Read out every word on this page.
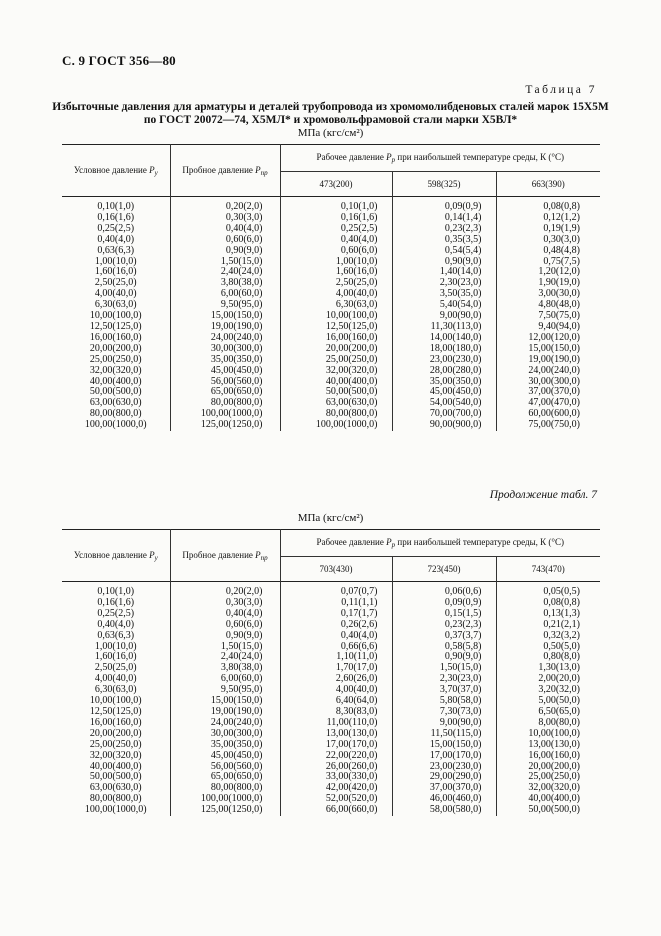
С. 9 ГОСТ 356—80
Таблица 7
Избыточные давления для арматуры и деталей трубопровода из хромомолибденовых сталей марок 15Х5М
по ГОСТ 20072—74, Х5МЛ* и хромовольфрамовой стали марки Х5ВЛ*
МПа (кгс/см²)
Условное давление $P_у$	Пробное давление $P_{пр}$	Рабочее давление $P_р$ при наибольшей температуре среды, К (°С)		
		473(200)	598(325)	663(390)

0,10(1,0)	0,20(2,0)	0,10(1,0)	0,09(0,9)	0,08(0,8)
0,16(1,6)	0,30(3,0)	0,16(1,6)	0,14(1,4)	0,12(1,2)
0,25(2,5)	0,40(4,0)	0,25(2,5)	0,23(2,3)	0,19(1,9)
0,40(4,0)	0,60(6,0)	0,40(4,0)	0,35(3,5)	0,30(3,0)
0,63(6,3)	0,90(9,0)	0,60(6,0)	0,54(5,4)	0,48(4,8)
1,00(10,0)	1,50(15,0)	1,00(10,0)	0,90(9,0)	0,75(7,5)
1,60(16,0)	2,40(24,0)	1,60(16,0)	1,40(14,0)	1,20(12,0)
2,50(25,0)	3,80(38,0)	2,50(25,0)	2,30(23,0)	1,90(19,0)
4,00(40,0)	6,00(60,0)	4,00(40,0)	3,50(35,0)	3,00(30,0)
6,30(63,0)	9,50(95,0)	6,30(63,0)	5,40(54,0)	4,80(48,0)
10,00(100,0)	15,00(150,0)	10,00(100,0)	9,00(90,0)	7,50(75,0)
12,50(125,0)	19,00(190,0)	12,50(125,0)	11,30(113,0)	9,40(94,0)
16,00(160,0)	24,00(240,0)	16,00(160,0)	14,00(140,0)	12,00(120,0)
20,00(200,0)	30,00(300,0)	20,00(200,0)	18,00(180,0)	15,00(150,0)
25,00(250,0)	35,00(350,0)	25,00(250,0)	23,00(230,0)	19,00(190,0)
32,00(320,0)	45,00(450,0)	32,00(320,0)	28,00(280,0)	24,00(240,0)
40,00(400,0)	56,00(560,0)	40,00(400,0)	35,00(350,0)	30,00(300,0)
50,00(500,0)	65,00(650,0)	50,00(500,0)	45,00(450,0)	37,00(370,0)
63,00(630,0)	80,00(800,0)	63,00(630,0)	54,00(540,0)	47,00(470,0)
80,00(800,0)	100,00(1000,0)	80,00(800,0)	70,00(700,0)	60,00(600,0)
100,00(1000,0)	125,00(1250,0)	100,00(1000,0)	90,00(900,0)	75,00(750,0)
Продолжение табл. 7
МПа (кгс/см²)
Условное давление $P_у$	Пробное давление $P_{пр}$	Рабочее давление $P_р$ при наибольшей температуре среды, К (°С)		
		703(430)	723(450)	743(470)

0,10(1,0)	0,20(2,0)	0,07(0,7)	0,06(0,6)	0,05(0,5)
0,16(1,6)	0,30(3,0)	0,11(1,1)	0,09(0,9)	0,08(0,8)
0,25(2,5)	0,40(4,0)	0,17(1,7)	0,15(1,5)	0,13(1,3)
0,40(4,0)	0,60(6,0)	0,26(2,6)	0,23(2,3)	0,21(2,1)
0,63(6,3)	0,90(9,0)	0,40(4,0)	0,37(3,7)	0,32(3,2)
1,00(10,0)	1,50(15,0)	0,66(6,6)	0,58(5,8)	0,50(5,0)
1,60(16,0)	2,40(24,0)	1,10(11,0)	0,90(9,0)	0,80(8,0)
2,50(25,0)	3,80(38,0)	1,70(17,0)	1,50(15,0)	1,30(13,0)
4,00(40,0)	6,00(60,0)	2,60(26,0)	2,30(23,0)	2,00(20,0)
6,30(63,0)	9,50(95,0)	4,00(40,0)	3,70(37,0)	3,20(32,0)
10,00(100,0)	15,00(150,0)	6,40(64,0)	5,80(58,0)	5,00(50,0)
12,50(125,0)	19,00(190,0)	8,30(83,0)	7,30(73,0)	6,50(65,0)
16,00(160,0)	24,00(240,0)	11,00(110,0)	9,00(90,0)	8,00(80,0)
20,00(200,0)	30,00(300,0)	13,00(130,0)	11,50(115,0)	10,00(100,0)
25,00(250,0)	35,00(350,0)	17,00(170,0)	15,00(150,0)	13,00(130,0)
32,00(320,0)	45,00(450,0)	22,00(220,0)	17,00(170,0)	16,00(160,0)
40,00(400,0)	56,00(560,0)	26,00(260,0)	23,00(230,0)	20,00(200,0)
50,00(500,0)	65,00(650,0)	33,00(330,0)	29,00(290,0)	25,00(250,0)
63,00(630,0)	80,00(800,0)	42,00(420,0)	37,00(370,0)	32,00(320,0)
80,00(800,0)	100,00(1000,0)	52,00(520,0)	46,00(460,0)	40,00(400,0)
100,00(1000,0)	125,00(1250,0)	66,00(660,0)	58,00(580,0)	50,00(500,0)
